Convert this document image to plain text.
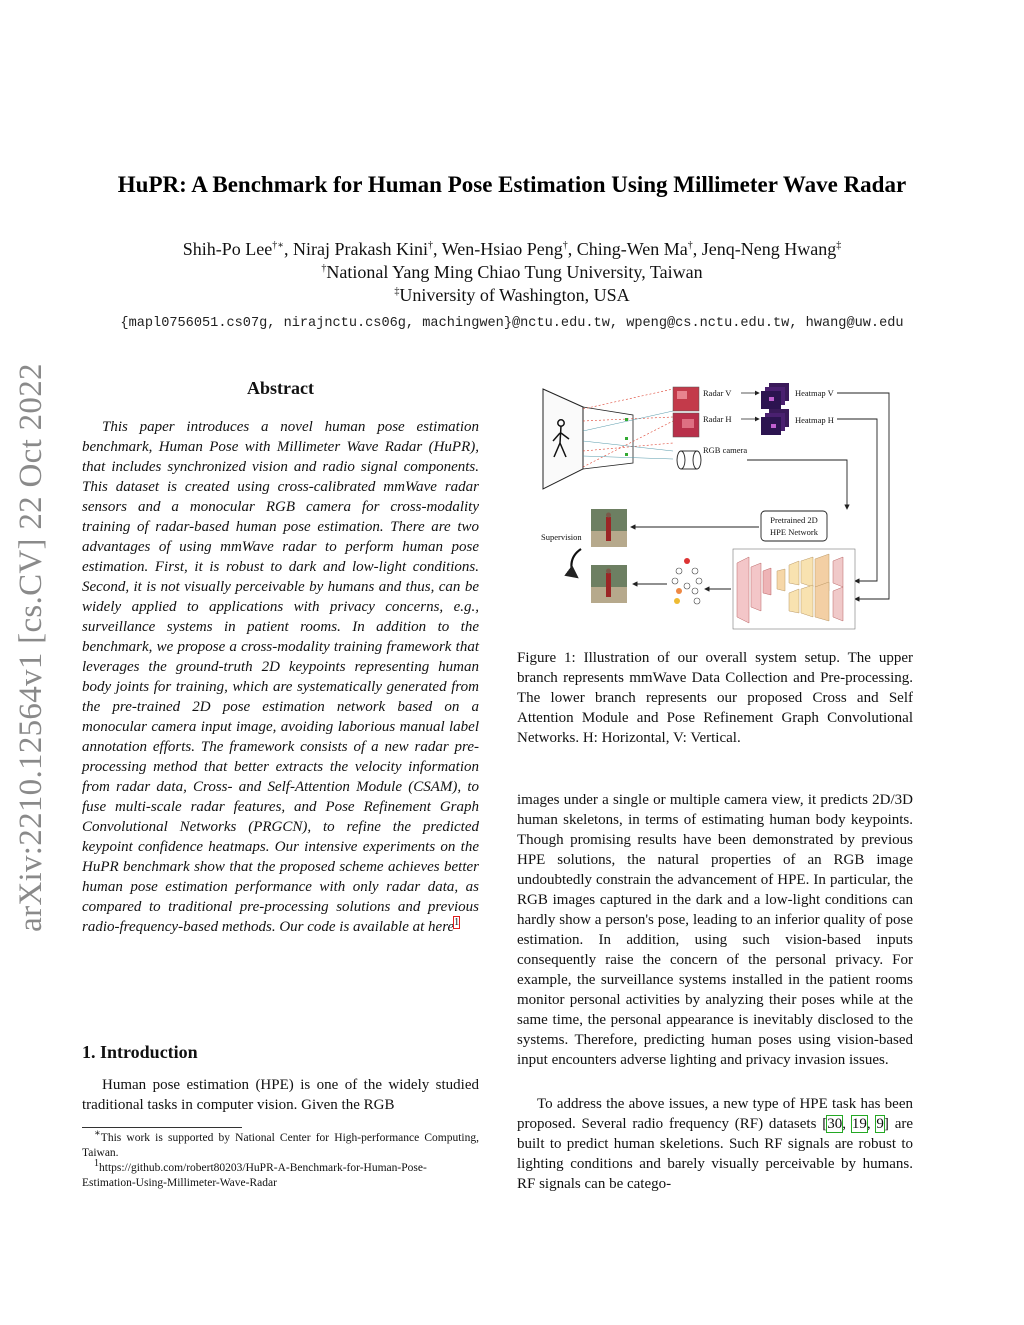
arXiv:2210.12564v1 [cs.CV] 22 Oct 2022
HuPR: A Benchmark for Human Pose Estimation Using Millimeter Wave Radar
Shih-Po Lee†∗, Niraj Prakash Kini†, Wen-Hsiao Peng†, Ching-Wen Ma†, Jenq-Neng Hwang‡
†National Yang Ming Chiao Tung University, Taiwan
‡University of Washington, USA
{mapl0756051.cs07g, nirajnctu.cs06g, machingwen}@nctu.edu.tw, wpeng@cs.nctu.edu.tw, hwang@uw.edu
Abstract

This paper introduces a novel human pose estimation benchmark, Human Pose with Millimeter Wave Radar (HuPR), that includes synchronized vision and radio signal components. This dataset is created using cross-calibrated mmWave radar sensors and a monocular RGB camera for cross-modality training of radar-based human pose estimation. There are two advantages of using mmWave radar to perform human pose estimation. First, it is robust to dark and low-light conditions. Second, it is not visually perceivable by humans and thus, can be widely applied to applications with privacy concerns, e.g., surveillance systems in patient rooms. In addition to the benchmark, we propose a cross-modality training framework that leverages the ground-truth 2D keypoints representing human body joints for training, which are systematically generated from the pre-trained 2D pose estimation network based on a monocular camera input image, avoiding laborious manual label annotation efforts. The framework consists of a new radar pre-processing method that better extracts the velocity information from radar data, Cross- and Self-Attention Module (CSAM), to fuse multi-scale radar features, and Pose Refinement Graph Convolutional Networks (PRGCN), to refine the predicted keypoint confidence heatmaps. Our intensive experiments on the HuPR benchmark show that the proposed scheme achieves better human pose estimation performance with only radar data, as compared to traditional pre-processing solutions and previous radio-frequency-based methods. Our code is available at here$^1$

1. Introduction

Human pose estimation (HPE) is one of the widely studied traditional tasks in computer vision. Given the RGB

∗This work is supported by National Center for High-performance Computing, Taiwan.

$^1$https://github.com/robert80203/HuPR-A-Benchmark-for-Human-Pose-Estimation-Using-Millimeter-Wave-Radar

Radar V
Radar H
RGB camera
Heatmap V
Heatmap H
Pretrained 2D
HPE Network
Supervision

Figure 1: Illustration of our overall system setup. The upper branch represents mmWave Data Collection and Pre-processing. The lower branch represents our proposed Cross and Self Attention Module and Pose Refinement Graph Convolutional Networks. H: Horizontal, V: Vertical.

images under a single or multiple camera view, it predicts 2D/3D human skeletons, in terms of estimating human body keypoints. Though promising results have been demonstrated by previous HPE solutions, the natural properties of an RGB image undoubtedly constrain the advancement of HPE. In particular, the RGB images captured in the dark and a low-light conditions can hardly show a person's pose, leading to an inferior quality of pose estimation. In addition, using such vision-based inputs consequently raise the concern of the personal privacy. For example, the surveillance systems installed in the patient rooms monitor personal activities by analyzing their poses while at the same time, the personal appearance is inevitably disclosed to the systems. Therefore, predicting human poses using vision-based input encounters adverse lighting and privacy invasion issues.

To address the above issues, a new type of HPE task has been proposed. Several radio frequency (RF) datasets [30, 19, 9] are built to predict human skeletions. Such RF signals are robust to lighting conditions and barely visually perceivable by humans. RF signals can be catego-
